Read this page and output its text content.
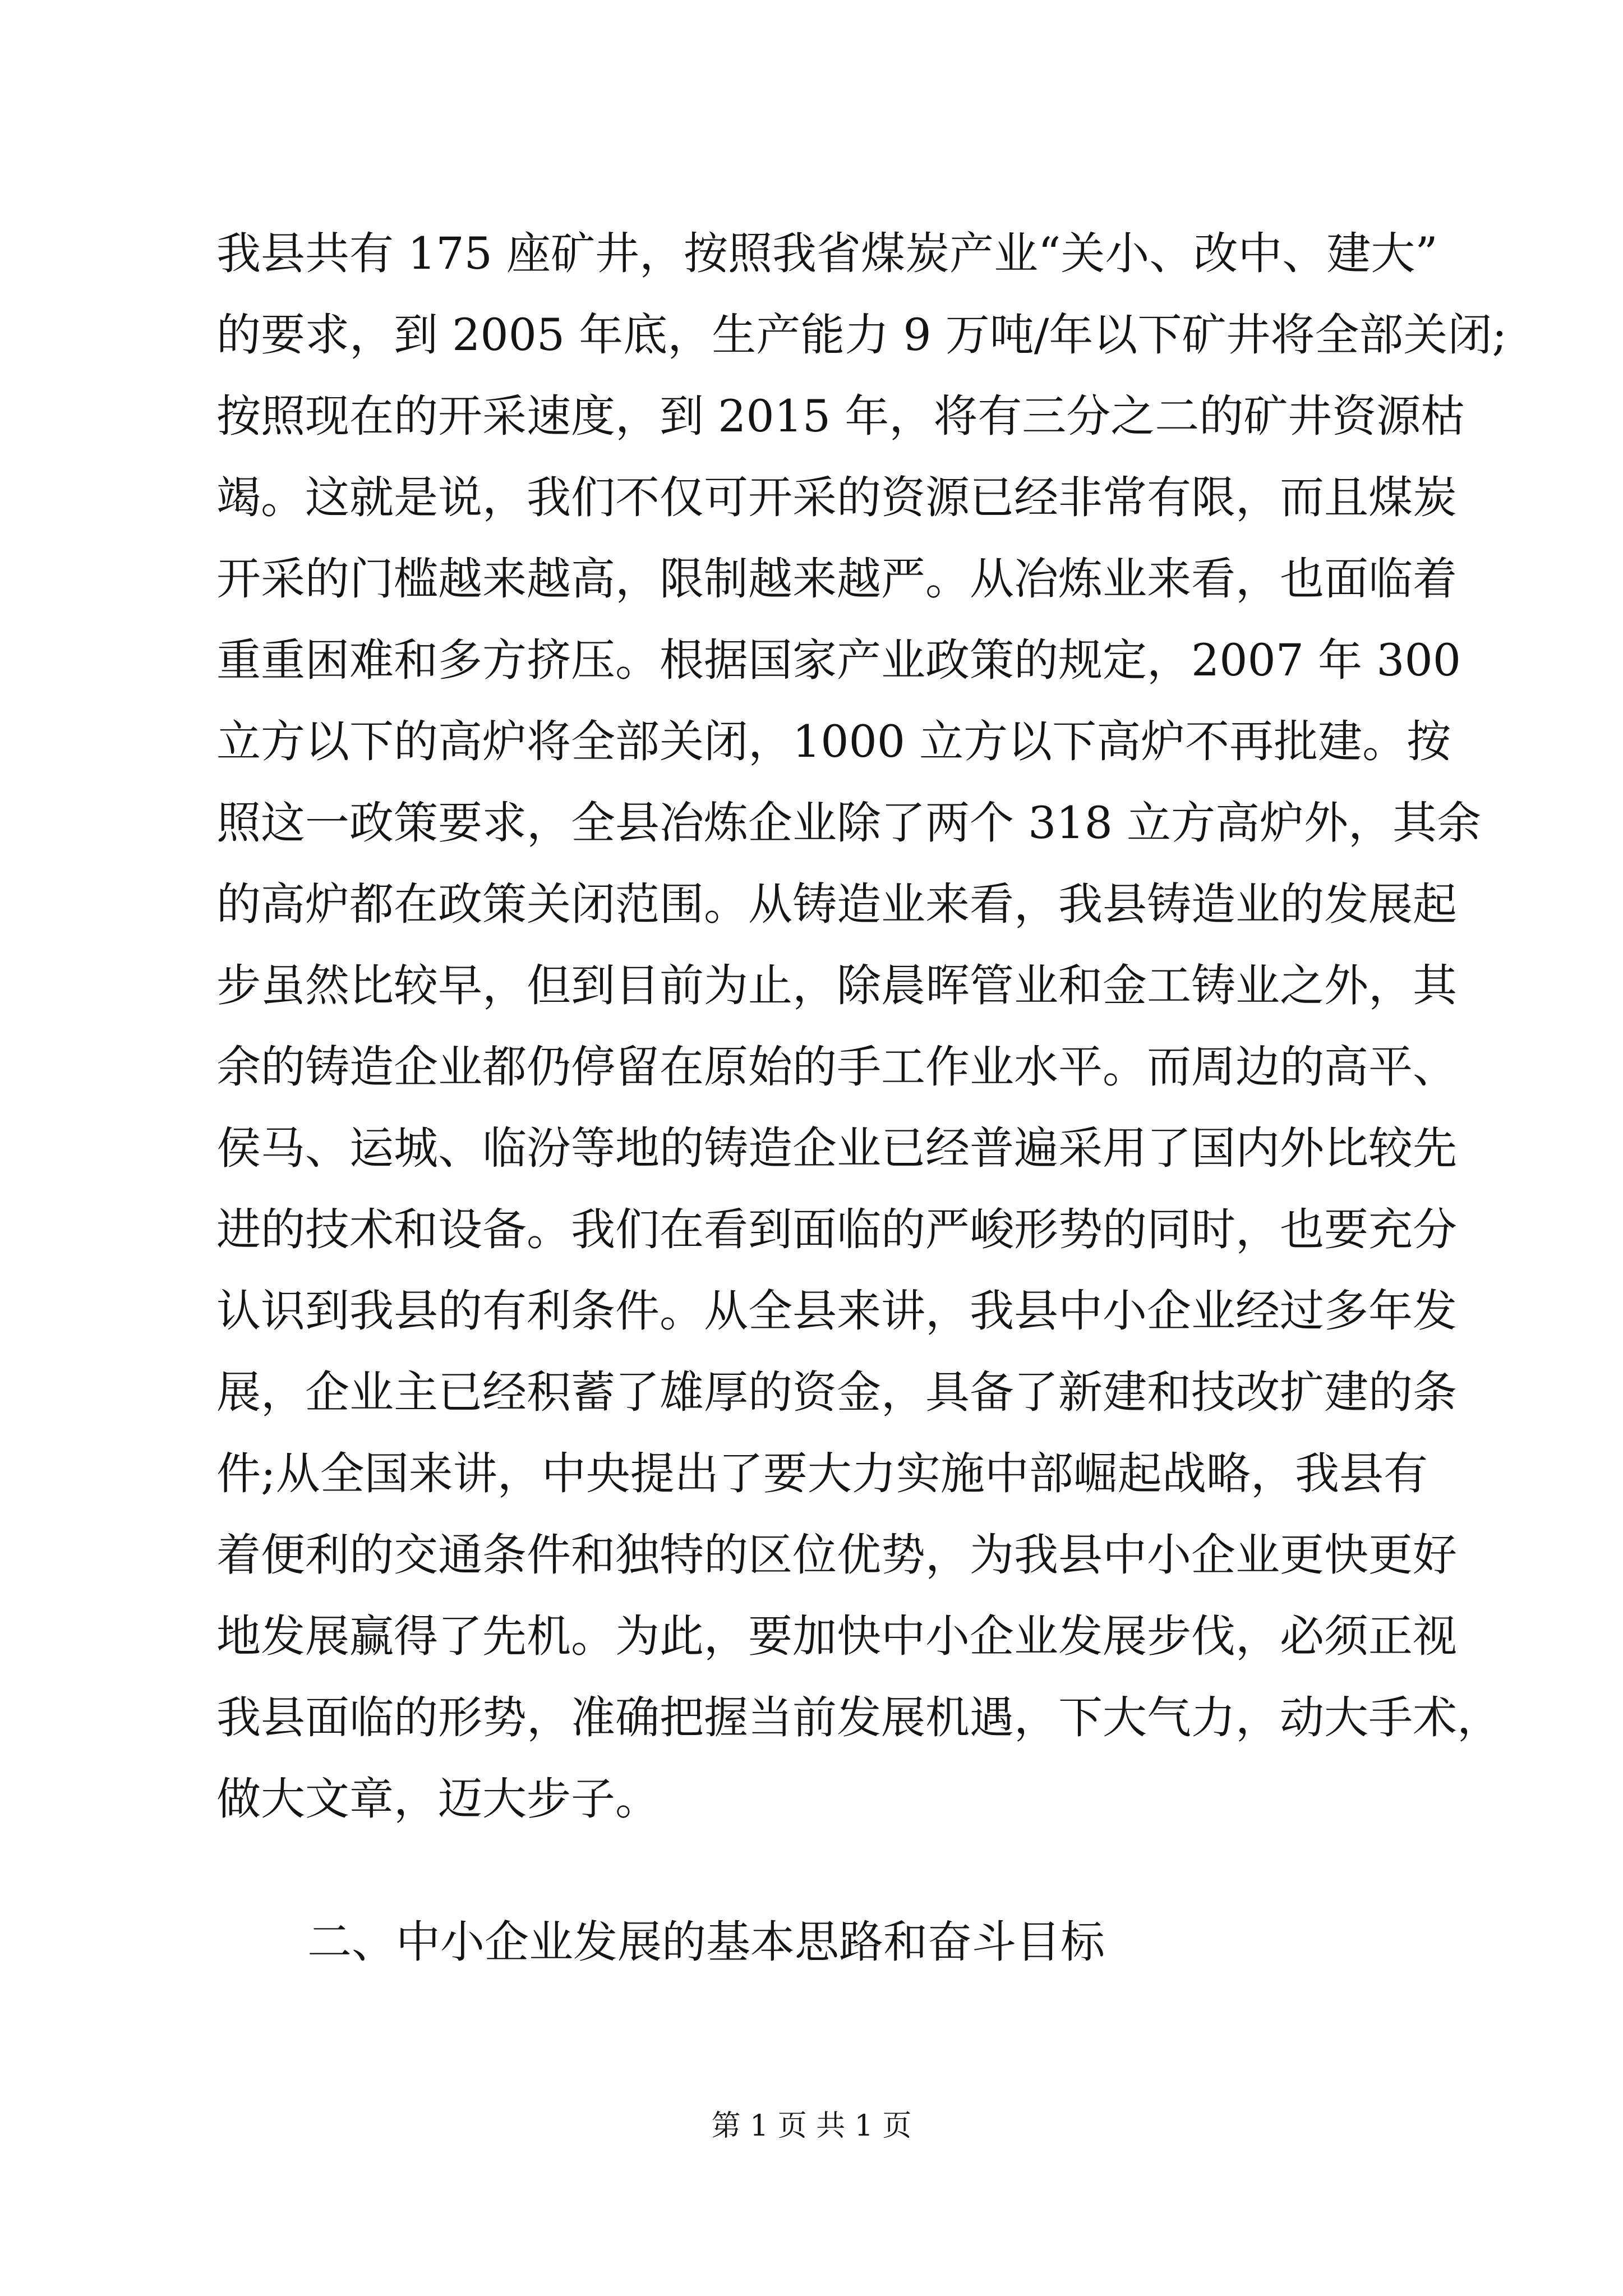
我县共有 175 座矿井，按照我省煤炭产业“关小、改中、建大”
的要求，到 2005 年底，生产能力 9 万吨/年以下矿井将全部关闭;
按照现在的开采速度，到 2015 年，将有三分之二的矿井资源枯
竭。这就是说，我们不仅可开采的资源已经非常有限，而且煤炭
开采的门槛越来越高，限制越来越严。从冶炼业来看，也面临着
重重困难和多方挤压。根据国家产业政策的规定，2007 年 300
立方以下的高炉将全部关闭，1000 立方以下高炉不再批建。按
照这一政策要求，全县冶炼企业除了两个 318 立方高炉外，其余
的高炉都在政策关闭范围。从铸造业来看，我县铸造业的发展起
步虽然比较早，但到目前为止，除晨晖管业和金工铸业之外，其
余的铸造企业都仍停留在原始的手工作业水平。而周边的高平、
侯马、运城、临汾等地的铸造企业已经普遍采用了国内外比较先
进的技术和设备。我们在看到面临的严峻形势的同时，也要充分
认识到我县的有利条件。从全县来讲，我县中小企业经过多年发
展，企业主已经积蓄了雄厚的资金，具备了新建和技改扩建的条
件;从全国来讲，中央提出了要大力实施中部崛起战略，我县有
着便利的交通条件和独特的区位优势，为我县中小企业更快更好
地发展赢得了先机。为此，要加快中小企业发展步伐，必须正视
我县面临的形势，准确把握当前发展机遇，下大气力，动大手术，
做大文章，迈大步子。
二、中小企业发展的基本思路和奋斗目标
第 1 页 共 1 页
